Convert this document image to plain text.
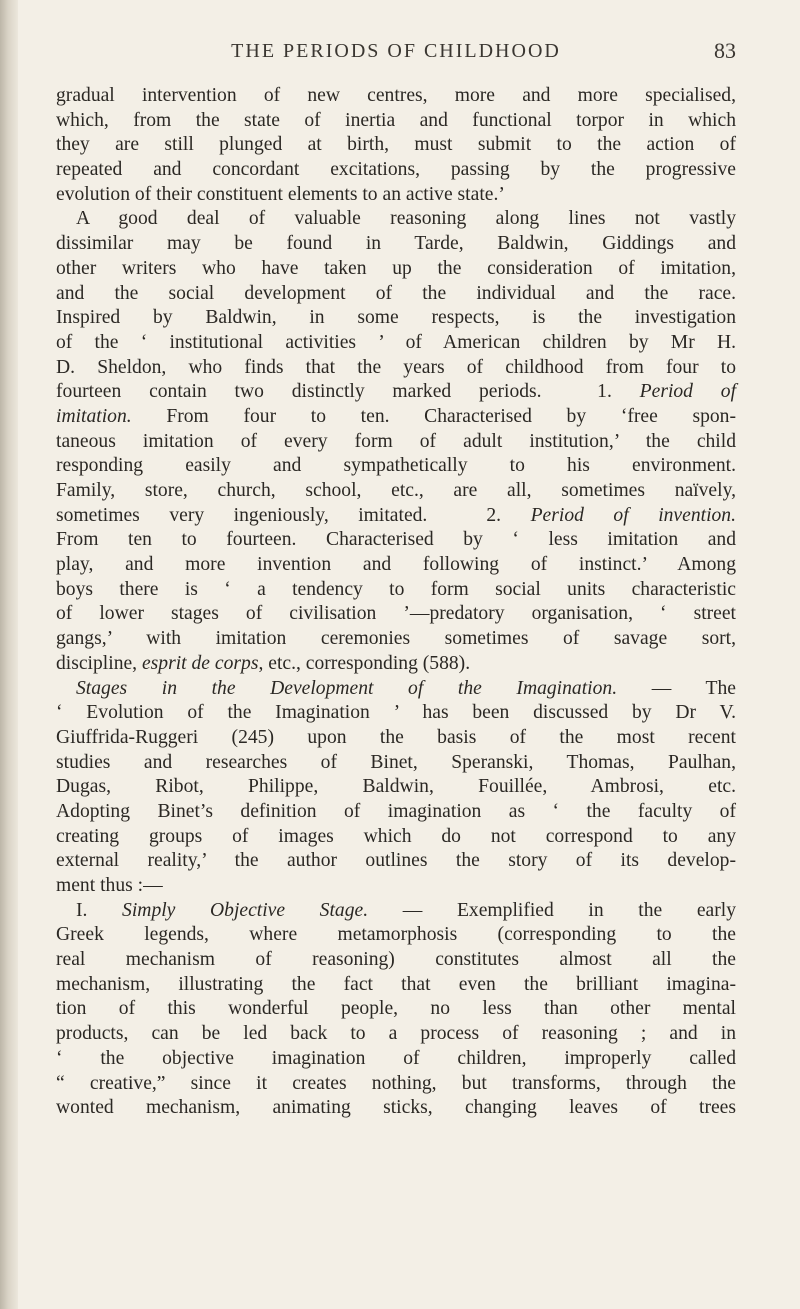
THE PERIODS OF CHILDHOOD	83
gradual intervention of new centres, more and more specialised,
which, from the state of inertia and functional torpor in which
they are still plunged at birth, must submit to the action of
repeated and concordant excitations, passing by the progressive
evolution of their constituent elements to an active state.’
A good deal of valuable reasoning along lines not vastly
dissimilar may be found in Tarde, Baldwin, Giddings and
other writers who have taken up the consideration of imitation,
and the social development of the individual and the race.
Inspired by Baldwin, in some respects, is the investigation
of the ‘ institutional activities ’ of American children by Mr H.
D. Sheldon, who finds that the years of childhood from four to
fourteen contain two distinctly marked periods.	1. Period of
imitation. From four to ten. Characterised by ‘free spon-
taneous imitation of every form of adult institution,’ the child
responding easily and sympathetically to his environment.
Family, store, church, school, etc., are all, sometimes naïvely,
sometimes very ingeniously, imitated.	2. Period of invention.
From ten to fourteen. Characterised by ‘ less imitation and
play, and more invention and following of instinct.’ Among
boys there is ‘ a tendency to form social units characteristic
of lower stages of civilisation ’—predatory organisation, ‘ street
gangs,’ with imitation ceremonies sometimes of savage sort,
discipline, esprit de corps, etc., corresponding (588).
Stages in the Development of the Imagination. — The
‘ Evolution of the Imagination ’ has been discussed by Dr V.
Giuffrida-Ruggeri (245) upon the basis of the most recent
studies and researches of Binet, Speranski, Thomas, Paulhan,
Dugas, Ribot, Philippe, Baldwin, Fouillée, Ambrosi, etc.
Adopting Binet’s definition of imagination as ‘ the faculty of
creating groups of images which do not correspond to any
external reality,’ the author outlines the story of its develop-
ment thus :—
I. Simply Objective Stage. — Exemplified in the early
Greek legends, where metamorphosis (corresponding to the
real mechanism of reasoning) constitutes almost all the
mechanism, illustrating the fact that even the brilliant imagina-
tion of this wonderful people, no less than other mental
products, can be led back to a process of reasoning ; and in
‘ the objective imagination of children, improperly called
“ creative,” since it creates nothing, but transforms, through the
wonted mechanism, animating sticks, changing leaves of trees
